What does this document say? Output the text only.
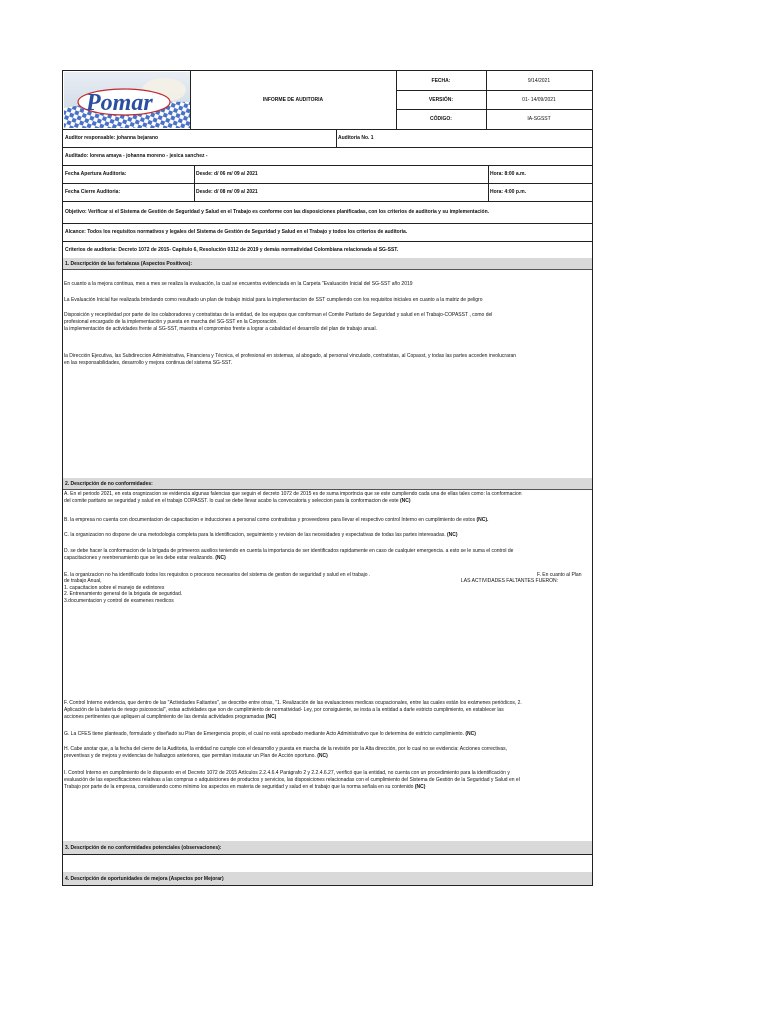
Pomar	INFORME DE AUDITORIA
FECHA:	9/14/2021
VERSIÓN:	01- 14/09/2021
CÓDIGO:	IA-SGSST
Auditor responsable: johanna bejarano	Auditoria No. 1
Auditado: lorena amaya - johanna moreno - jesica sanchez -
Fecha Apertura Auditoria:	Desde: d/ 06 m/ 09 a/ 2021	Hora: 8:00 a.m.
Fecha Cierre Auditoria:	Desde: d/ 08 m/ 09 a/ 2021	Hora: 4:00 p.m.
Objetivo: Verificar si el Sistema de Gestión de Seguridad y Salud en el Trabajo es conforme con las disposiciones planificadas, con los criterios de auditoria y su implementación.
Alcance: Todos los requisitos normativos y legales del Sistema de Gestión de Seguridad y Salud en el Trabajo y todos los criterios de auditoria.
Criterios de auditoria: Decreto 1072 de 2015- Capitulo 6, Resolución 0312 de 2019 y demás normatividad Colombiana relacionada al SG-SST.
1. Descripción de las fortalezas (Aspectos Positivos):
En cuanto a la mejora continua, mes a mes se realiza la evaluación, la cual se encuentra evidenciada en la Carpeta "Evaluación Inicial del SG-SST año 2019
La Evaluación Inicial fue realizada brindando como resultado un plan de trabajo inicial para la implementacion de SST cumpliendo con los requisitos iniciales en cuanto a la matriz de peligro
Disposición y receptividad por parte de los colaboradores y contratistas de la entidad, de los equipos que conforman el Comite Paritario de Seguridad y salud en el Trabajo-COPASST , como del
profesional encargado de la implementación y puesta en marcha del SG-SST en la Corporación.
la implementación de actividades frente al SG-SST, muestra el compromiso frente a lograr a cabalidad el desarrollo del plan de trabajo anual.
la Dirección Ejecutiva, las Subdireccion Administrativa, Financiera y Técnica, el profesional en sistemas, al abogado, al personal vinculado, contratistas, al Copasst, y todas las partes acceden involucraran
en las responsabilidades, desarrollo y mejora continua del sistema SG-SST.
2. Descripción de no conformidades:
A. En el periodo 2021, en esta oragnizacion se evidencia algunas falencias que seguin el decreto 1072 de 2015 es de suma importncia que se este cumpliendo cada una de ellas tales como: la conformacion
del comite paritario se seguridad y salud en el trabajo COPASST. lo cual se debe llevar acabo la convocatoria y seleccion para la conformacion de este (NC)
B. la empresa no cuenta con documentacion de capacitacion e inducciones a personal como contratistas y proveedores para llevar el respectivo control Interno en cumplimiento de estos (NC).
C. la organizacion no dispone de una metodologia completa para la identificacion, seguimiento y revision de las necesidades y espectativas de todas las partes interesadas. (NC)
D. se debe hacer la conformacion de la brigada de primeeros auxilios teniendo en cuenta la importancia de ser identificados rapidamente en caso de cualquier emergencia. a esto se le suma el control de
capacitaciones y reentrenamiento que se les debe estar realizando. (NC)
E. la organizacion no ha identificado todos los requisitos o procesos necesarios del sistema de gestion de seguridad y salud en el trabajo .	F. En cuanto al Plan
de trabajo Anual,	LAS ACTIVIDADES FALTANTES FUERON:
1. capacitacion sobre el manejo de extintores
2. Entrenamiento general de la brigada de seguridad.
3.documentacion y control de examenes medicos
F. Control Interno evidencia, que dentro de las "Actividades Faltantes", se describe entre otras, "1. Realización de las evaluaciones medicas ocupacionales, entre las cuales están los exámenes periódicos, 2.
Aplicación de la batería de riesgo psicosocial", estas actividades que son de cumplimiento de normatividad- Ley, por consiguiente, se insta a la entidad a darle estricto cumplimiento, en establecer las
acciones pertinentes que apliquen al cumplimiento de las demás actividades programadas (NC)
G. La CFES tiene planteado, formulado y diseñado su Plan de Emergencia propio, el cual no está aprobado mediante Acto Administrativo que lo determina de estricto cumplimiento. (NC)
H. Cabe anotar que, a la fecha del cierre de la Auditoria, la entidad no cumple con el desarrollo y puesta en marcha de la revisión por la Alta dirección, por lo cual no se evidencia: Acciones correctivas,
preventivas y de mejora y evidencias de hallazgos anteriores, que permitan instaurar un Plan de Acción oportuno. (NC)
I. Control Interno en cumplimiento de lo dispuesto en el Decreto 1072 de 2015 Artículos 2.2.4.6.4 Parágrafo 2 y 2.2.4.6.27, verificó que la entidad, no cuenta con un procedimiento para la identificación y
evaluación de las especificaciones relativas a las compras o adquisiciones de productos y servicios, las disposiciones relacionadas con el cumplimiento del Sistema de Gestión de la Seguridad y Salud en el
Trabajo por parte de la empresa, considerando como mínimo los aspectos en materia de seguridad y salud en el trabajo que la norma señala en su contenido (NC)
3. Descripción de no conformidades potenciales (observaciones):
4. Descripción de oportunidades de mejora (Aspectos por Mejorar)
